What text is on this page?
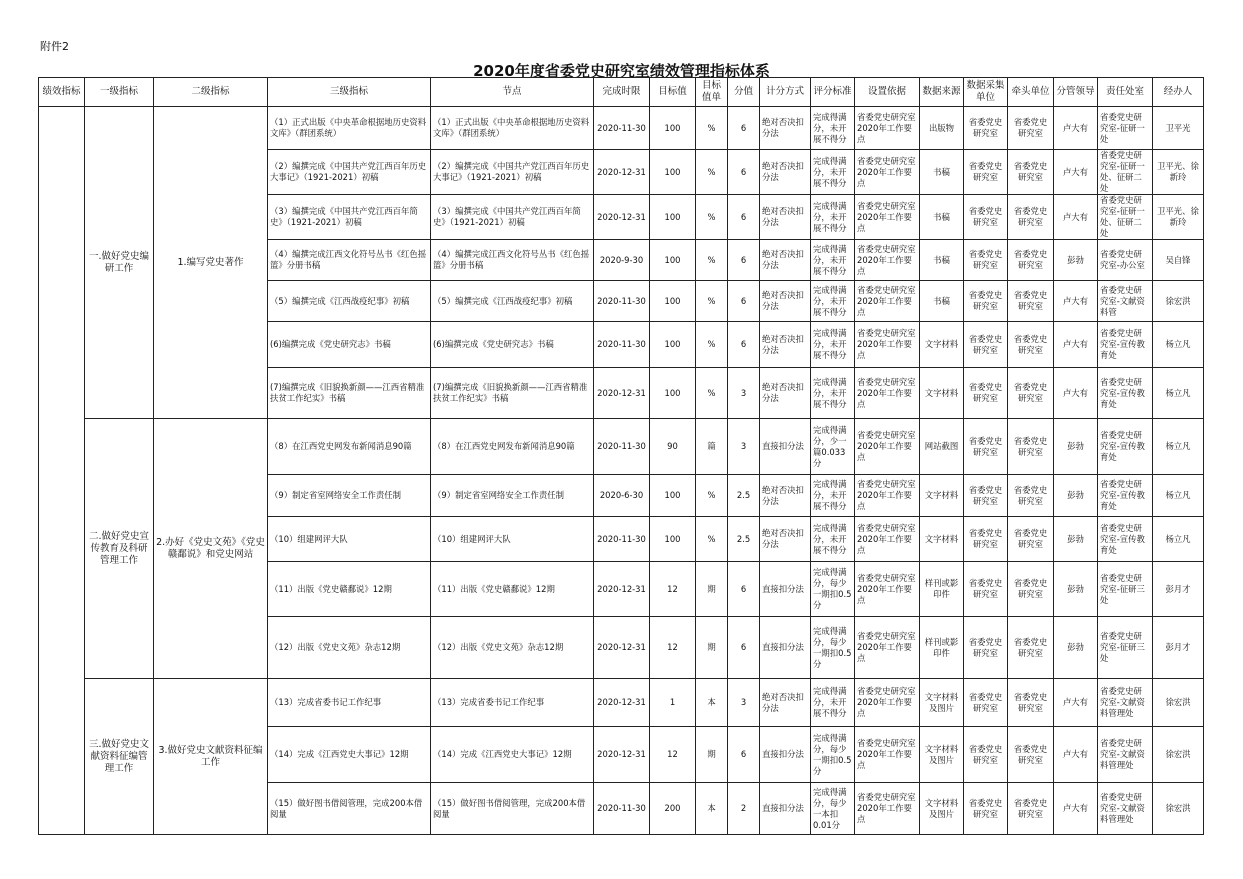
附件2
2020年度省委党史研究室绩效管理指标体系
绩效指标	一级指标	二级指标	三级指标	节点	完成时限	目标值	目标值单	分值	计分方式	评分标准	设置依据	数据来源	数据采集单位	牵头单位	分管领导	责任处室	经办人
	一.做好党史编研工作	1.编写党史著作	（1）正式出版《中央革命根据地历史资料文库》（群团系统）	（1）正式出版《中央革命根据地历史资料文库》（群团系统）	2020-11-30	100	%	6	绝对否决扣分法	完成得满分，未开展不得分	省委党史研究室2020年工作要点	出版物	省委党史研究室	省委党史研究室	卢大有	省委党史研究室-征研一处	卫平光
			（2）编撰完成《中国共产党江西百年历史大事记》（1921-2021）初稿	（2）编撰完成《中国共产党江西百年历史大事记》（1921-2021）初稿	2020-12-31	100	%	6	绝对否决扣分法	完成得满分，未开展不得分	省委党史研究室2020年工作要点	书稿	省委党史研究室	省委党史研究室	卢大有	省委党史研究室-征研一处、征研二处	卫平光、徐新玲
			（3）编撰完成《中国共产党江西百年简史》（1921-2021）初稿	（3）编撰完成《中国共产党江西百年简史》（1921-2021）初稿	2020-12-31	100	%	6	绝对否决扣分法	完成得满分，未开展不得分	省委党史研究室2020年工作要点	书稿	省委党史研究室	省委党史研究室	卢大有	省委党史研究室-征研一处、征研二处	卫平光、徐新玲
			（4）编撰完成江西文化符号丛书《红色摇篮》分册书稿	（4）编撰完成江西文化符号丛书《红色摇篮》分册书稿	2020-9-30	100	%	6	绝对否决扣分法	完成得满分，未开展不得分	省委党史研究室2020年工作要点	书稿	省委党史研究室	省委党史研究室	彭勃	省委党史研究室-办公室	吴自锋
			（5）编撰完成《江西战疫纪事》初稿	（5）编撰完成《江西战疫纪事》初稿	2020-11-30	100	%	6	绝对否决扣分法	完成得满分，未开展不得分	省委党史研究室2020年工作要点	书稿	省委党史研究室	省委党史研究室	卢大有	省委党史研究室-文献资料管	徐宏洪
			(6)编撰完成《党史研究志》书稿	(6)编撰完成《党史研究志》书稿	2020-11-30	100	%	6	绝对否决扣分法	完成得满分，未开展不得分	省委党史研究室2020年工作要点	文字材料	省委党史研究室	省委党史研究室	卢大有	省委党史研究室-宣传教育处	杨立凡
			(7)编撰完成《旧貌换新颜——江西省精准扶贫工作纪实》书稿	(7)编撰完成《旧貌换新颜——江西省精准扶贫工作纪实》书稿	2020-12-31	100	%	3	绝对否决扣分法	完成得满分，未开展不得分	省委党史研究室2020年工作要点	文字材料	省委党史研究室	省委党史研究室	卢大有	省委党史研究室-宣传教育处	杨立凡
	二.做好党史宣传教育及科研管理工作	2.办好《党史文苑》《党史赣鄱说》和党史网站	（8）在江西党史网发布新闻消息90篇	（8）在江西党史网发布新闻消息90篇	2020-11-30	90	篇	3	直接扣分法	完成得满分，少一篇0.033分	省委党史研究室2020年工作要点	网站截图	省委党史研究室	省委党史研究室	彭勃	省委党史研究室-宣传教育处	杨立凡
			（9）制定省室网络安全工作责任制	（9）制定省室网络安全工作责任制	2020-6-30	100	%	2.5	绝对否决扣分法	完成得满分，未开展不得分	省委党史研究室2020年工作要点	文字材料	省委党史研究室	省委党史研究室	彭勃	省委党史研究室-宣传教育处	杨立凡
			（10）组建网评大队	（10）组建网评大队	2020-11-30	100	%	2.5	绝对否决扣分法	完成得满分，未开展不得分	省委党史研究室2020年工作要点	文字材料	省委党史研究室	省委党史研究室	彭勃	省委党史研究室-宣传教育处	杨立凡
			（11）出版《党史赣鄱说》12期	（11）出版《党史赣鄱说》12期	2020-12-31	12	期	6	直接扣分法	完成得满分，每少一期扣0.5分	省委党史研究室2020年工作要点	样刊或影印件	省委党史研究室	省委党史研究室	彭勃	省委党史研究室-征研三处	彭月才
			（12）出版《党史文苑》杂志12期	（12）出版《党史文苑》杂志12期	2020-12-31	12	期	6	直接扣分法	完成得满分，每少一期扣0.5分	省委党史研究室2020年工作要点	样刊或影印件	省委党史研究室	省委党史研究室	彭勃	省委党史研究室-征研三处	彭月才
	三.做好党史文献资料征编管理工作	3.做好党史文献资料征编工作	（13）完成省委书记工作纪事	（13）完成省委书记工作纪事	2020-12-31	1	本	3	绝对否决扣分法	完成得满分，未开展不得分	省委党史研究室2020年工作要点	文字材料及图片	省委党史研究室	省委党史研究室	卢大有	省委党史研究室-文献资料管理处	徐宏洪
			（14）完成《江西党史大事记》12期	（14）完成《江西党史大事记》12期	2020-12-31	12	期	6	直接扣分法	完成得满分，每少一期扣0.5分	省委党史研究室2020年工作要点	文字材料及图片	省委党史研究室	省委党史研究室	卢大有	省委党史研究室-文献资料管理处	徐宏洪
			（15）做好图书借阅管理，完成200本借阅量	（15）做好图书借阅管理，完成200本借阅量	2020-11-30	200	本	2	直接扣分法	完成得满分，每少一本扣0.01分	省委党史研究室2020年工作要点	文字材料及图片	省委党史研究室	省委党史研究室	卢大有	省委党史研究室-文献资料管理处	徐宏洪
